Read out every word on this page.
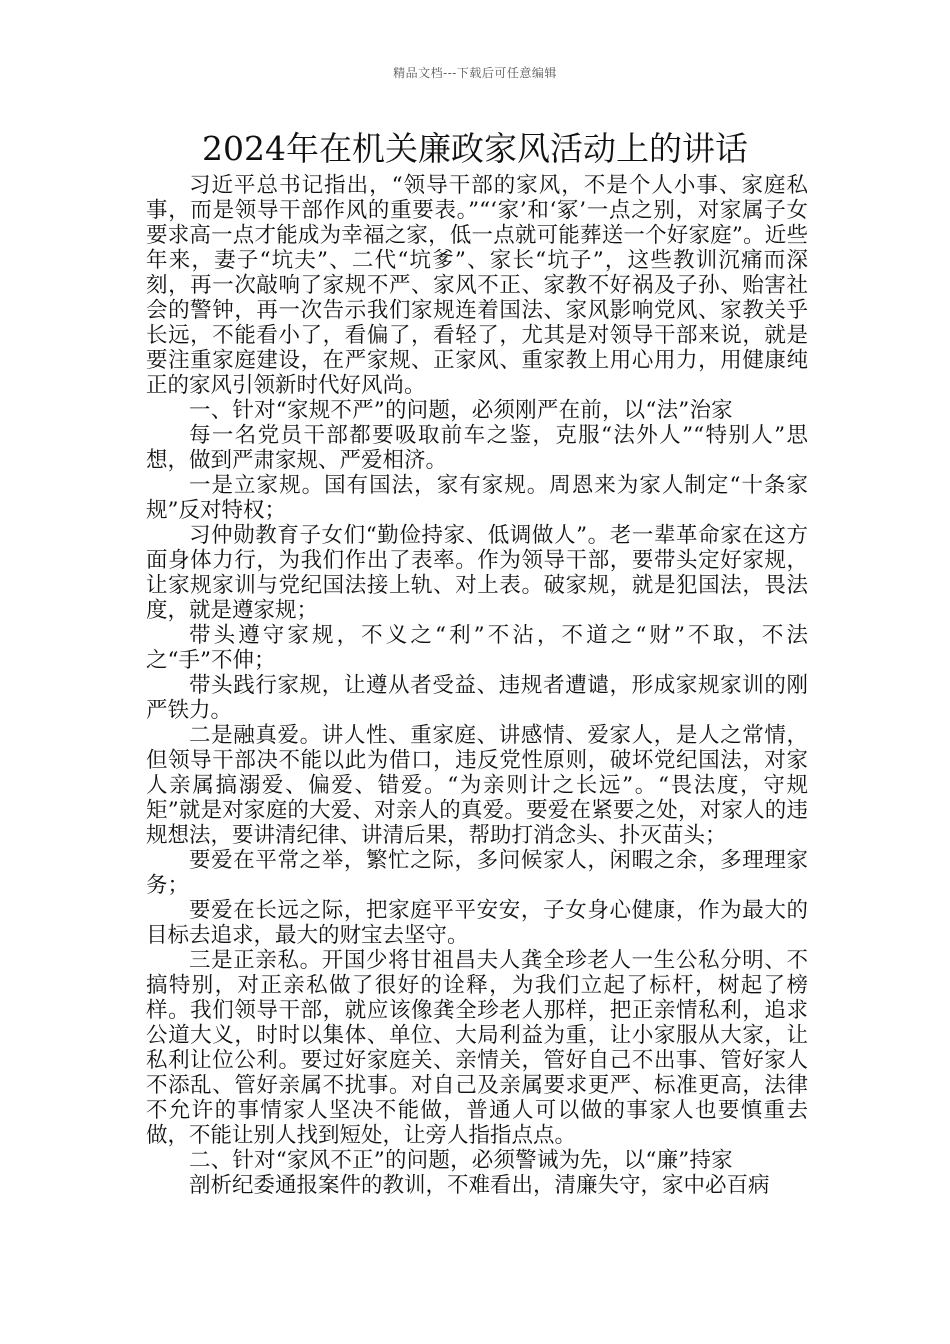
精品文档---下载后可任意编辑
2024年在机关廉政家风活动上的讲话

习近平总书记指出，“领导干部的家风，不是个人小事、家庭私事，而是领导干部作风的重要表。”“‘家’和‘冢’一点之别，对家属子女要求高一点才能成为幸福之家，低一点就可能葬送一个好家庭”。近些年来，妻子“坑夫”、二代“坑爹”、家长“坑子”，这些教训沉痛而深刻，再一次敲响了家规不严、家风不正、家教不好祸及子孙、贻害社会的警钟，再一次告示我们家规连着国法、家风影响党风、家教关乎长远，不能看小了，看偏了，看轻了，尤其是对领导干部来说，就是要注重家庭建设，在严家规、正家风、重家教上用心用力，用健康纯正的家风引领新时代好风尚。

一、针对“家规不严”的问题，必须刚严在前，以“法”治家

每一名党员干部都要吸取前车之鉴，克服“法外人”“特别人”思想，做到严肃家规、严爱相济。

一是立家规。国有国法，家有家规。周恩来为家人制定“十条家规”反对特权；

习仲勋教育子女们“勤俭持家、低调做人”。老一辈革命家在这方面身体力行，为我们作出了表率。作为领导干部，要带头定好家规，让家规家训与党纪国法接上轨、对上表。破家规，就是犯国法，畏法度，就是遵家规；

带头遵守家规，不义之“利”不沾，不道之“财”不取，不法之“手”不伸；

带头践行家规，让遵从者受益、违规者遭谴，形成家规家训的刚严铁力。

二是融真爱。讲人性、重家庭、讲感情、爱家人，是人之常情，但领导干部决不能以此为借口，违反党性原则，破坏党纪国法，对家人亲属搞溺爱、偏爱、错爱。“为亲则计之长远”。“畏法度，守规矩”就是对家庭的大爱、对亲人的真爱。要爱在紧要之处，对家人的违规想法，要讲清纪律、讲清后果，帮助打消念头、扑灭苗头；

要爱在平常之举，繁忙之际，多问候家人，闲暇之余，多理理家务；

要爱在长远之际，把家庭平平安安，子女身心健康，作为最大的目标去追求，最大的财宝去坚守。

三是正亲私。开国少将甘祖昌夫人龚全珍老人一生公私分明、不搞特别，对正亲私做了很好的诠释，为我们立起了标杆，树起了榜样。我们领导干部，就应该像龚全珍老人那样，把正亲情私利，追求公道大义，时时以集体、单位、大局利益为重，让小家服从大家，让私利让位公利。要过好家庭关、亲情关，管好自己不出事、管好家人不添乱、管好亲属不扰事。对自己及亲属要求更严、标准更高，法律不允许的事情家人坚决不能做，普通人可以做的事家人也要慎重去做，不能让别人找到短处，让旁人指指点点。

二、针对“家风不正”的问题，必须警诫为先，以“廉”持家

剖析纪委通报案件的教训，不难看出，清廉失守，家中必百病
